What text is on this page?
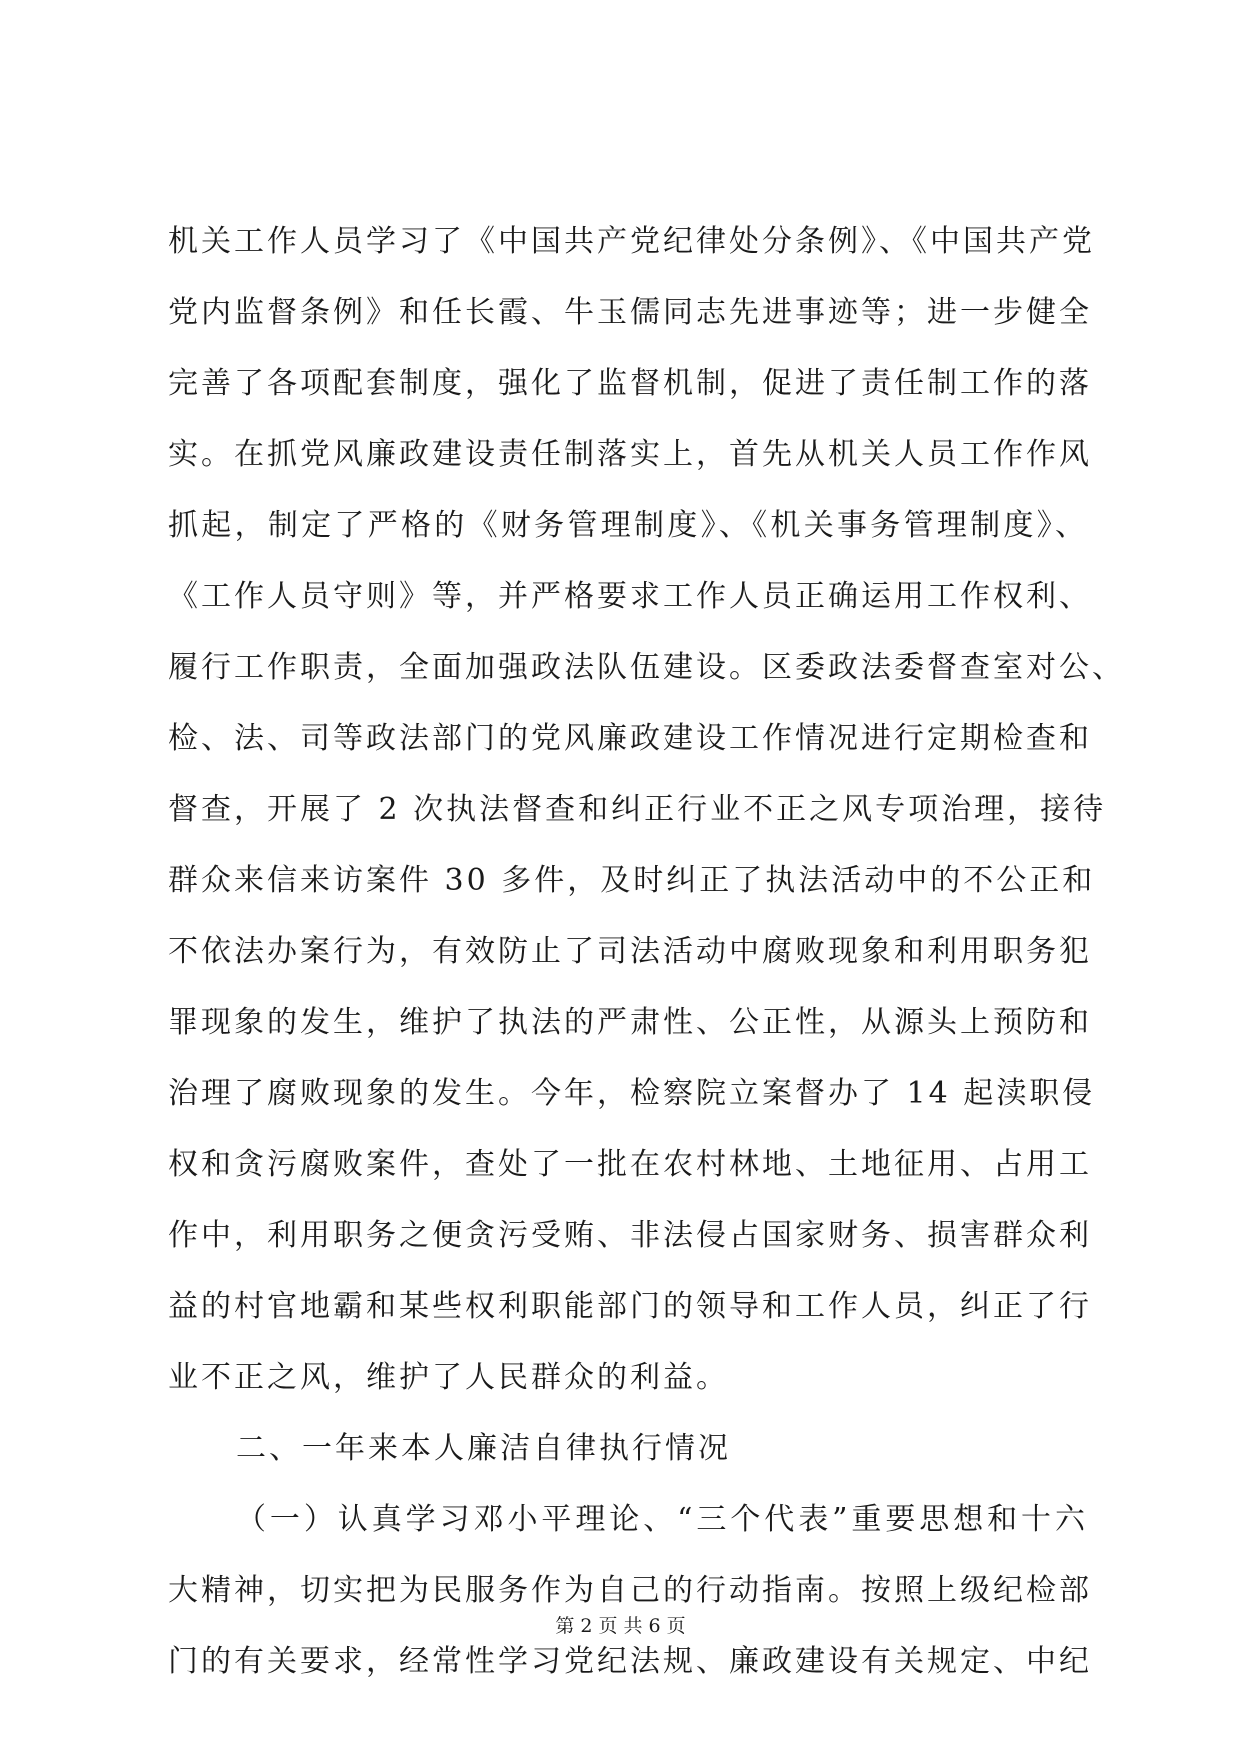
机关工作人员学习了《中国共产党纪律处分条例》、《中国共产党
党内监督条例》和任长霞、牛玉儒同志先进事迹等；进一步健全
完善了各项配套制度，强化了监督机制，促进了责任制工作的落
实。在抓党风廉政建设责任制落实上，首先从机关人员工作作风
抓起，制定了严格的《财务管理制度》、《机关事务管理制度》、
《工作人员守则》等，并严格要求工作人员正确运用工作权利、
履行工作职责，全面加强政法队伍建设。区委政法委督查室对公、
检、法、司等政法部门的党风廉政建设工作情况进行定期检查和
督查，开展了 2 次执法督查和纠正行业不正之风专项治理，接待
群众来信来访案件 30 多件，及时纠正了执法活动中的不公正和
不依法办案行为，有效防止了司法活动中腐败现象和利用职务犯
罪现象的发生，维护了执法的严肃性、公正性，从源头上预防和
治理了腐败现象的发生。今年，检察院立案督办了 14 起渎职侵
权和贪污腐败案件，查处了一批在农村林地、土地征用、占用工
作中，利用职务之便贪污受贿、非法侵占国家财务、损害群众利
益的村官地霸和某些权利职能部门的领导和工作人员，纠正了行
业不正之风，维护了人民群众的利益。
二、一年来本人廉洁自律执行情况
（一）认真学习邓小平理论、“三个代表”重要思想和十六
大精神，切实把为民服务作为自己的行动指南。按照上级纪检部
门的有关要求，经常性学习党纪法规、廉政建设有关规定、中纪
第 2 页 共 6 页
